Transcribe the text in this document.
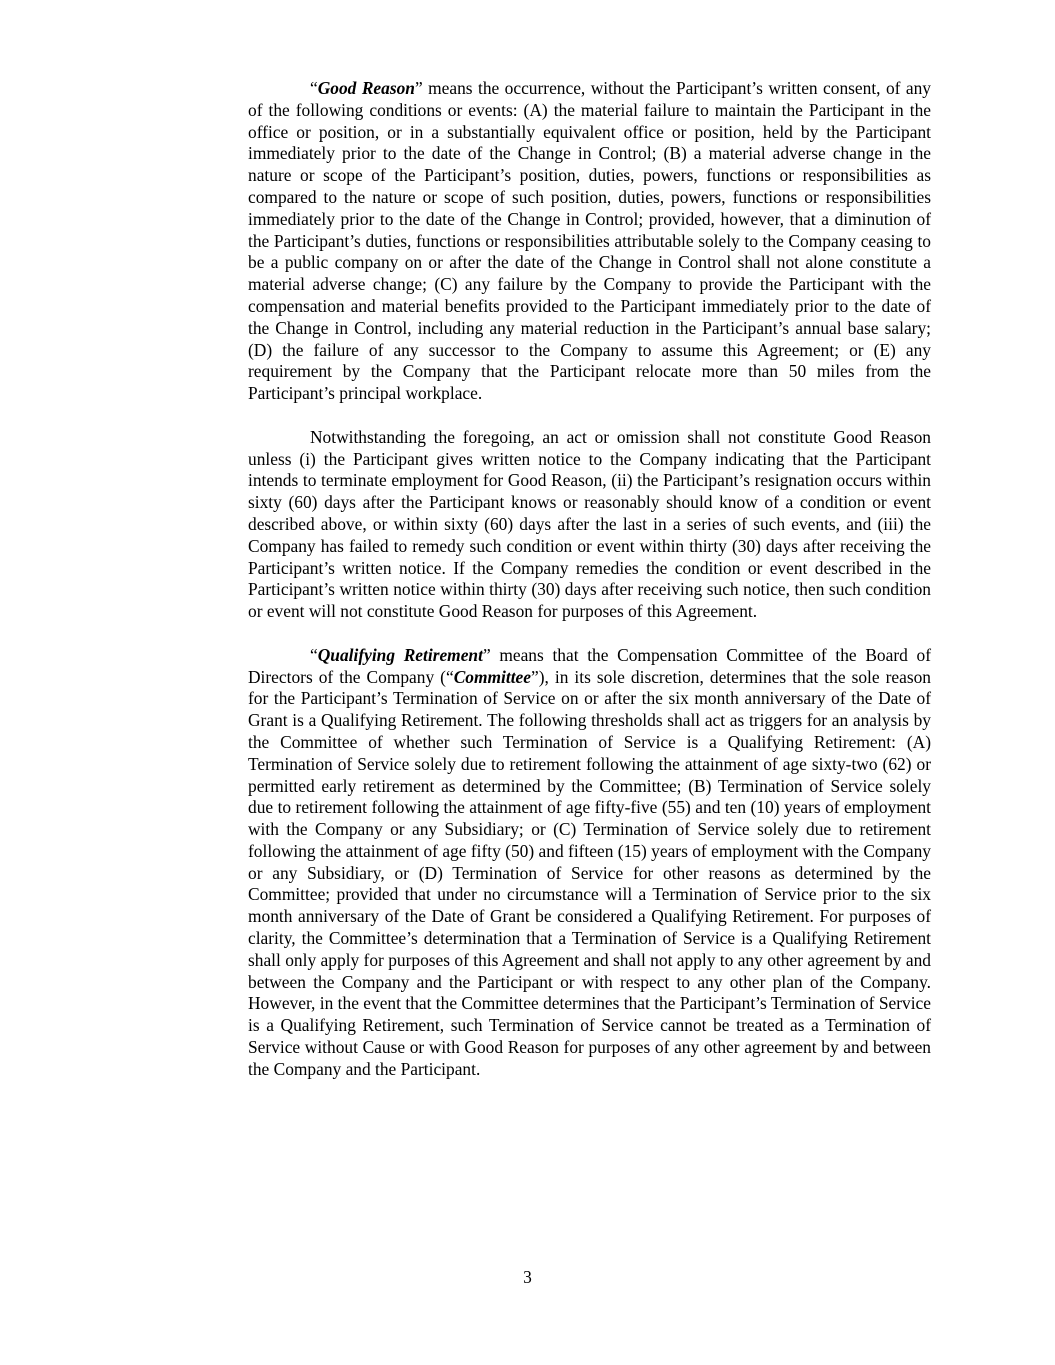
“Good Reason” means the occurrence, without the Participant’s written consent, of any of the following conditions or events: (A) the material failure to maintain the Participant in the office or position, or in a substantially equivalent office or position, held by the Participant immediately prior to the date of the Change in Control; (B) a material adverse change in the nature or scope of the Participant’s position, duties, powers, functions or responsibilities as compared to the nature or scope of such position, duties, powers, functions or responsibilities immediately prior to the date of the Change in Control; provided, however, that a diminution of the Participant’s duties, functions or responsibilities attributable solely to the Company ceasing to be a public company on or after the date of the Change in Control shall not alone constitute a material adverse change; (C) any failure by the Company to provide the Participant with the compensation and material benefits provided to the Participant immediately prior to the date of the Change in Control, including any material reduction in the Participant’s annual base salary; (D) the failure of any successor to the Company to assume this Agreement; or (E) any requirement by the Company that the Participant relocate more than 50 miles from the Participant’s principal workplace.

Notwithstanding the foregoing, an act or omission shall not constitute Good Reason unless (i) the Participant gives written notice to the Company indicating that the Participant intends to terminate employment for Good Reason, (ii) the Participant’s resignation occurs within sixty (60) days after the Participant knows or reasonably should know of a condition or event described above, or within sixty (60) days after the last in a series of such events, and (iii) the Company has failed to remedy such condition or event within thirty (30) days after receiving the Participant’s written notice. If the Company remedies the condition or event described in the Participant’s written notice within thirty (30) days after receiving such notice, then such condition or event will not constitute Good Reason for purposes of this Agreement.

“Qualifying Retirement” means that the Compensation Committee of the Board of Directors of the Company (“Committee”), in its sole discretion, determines that the sole reason for the Participant’s Termination of Service on or after the six month anniversary of the Date of Grant is a Qualifying Retirement. The following thresholds shall act as triggers for an analysis by the Committee of whether such Termination of Service is a Qualifying Retirement: (A) Termination of Service solely due to retirement following the attainment of age sixty-two (62) or permitted early retirement as determined by the Committee; (B) Termination of Service solely due to retirement following the attainment of age fifty-five (55) and ten (10) years of employment with the Company or any Subsidiary; or (C) Termination of Service solely due to retirement following the attainment of age fifty (50) and fifteen (15) years of employment with the Company or any Subsidiary, or (D) Termination of Service for other reasons as determined by the Committee; provided that under no circumstance will a Termination of Service prior to the six month anniversary of the Date of Grant be considered a Qualifying Retirement. For purposes of clarity, the Committee’s determination that a Termination of Service is a Qualifying Retirement shall only apply for purposes of this Agreement and shall not apply to any other agreement by and between the Company and the Participant or with respect to any other plan of the Company. However, in the event that the Committee determines that the Participant’s Termination of Service is a Qualifying Retirement, such Termination of Service cannot be treated as a Termination of Service without Cause or with Good Reason for purposes of any other agreement by and between the Company and the Participant.

3
